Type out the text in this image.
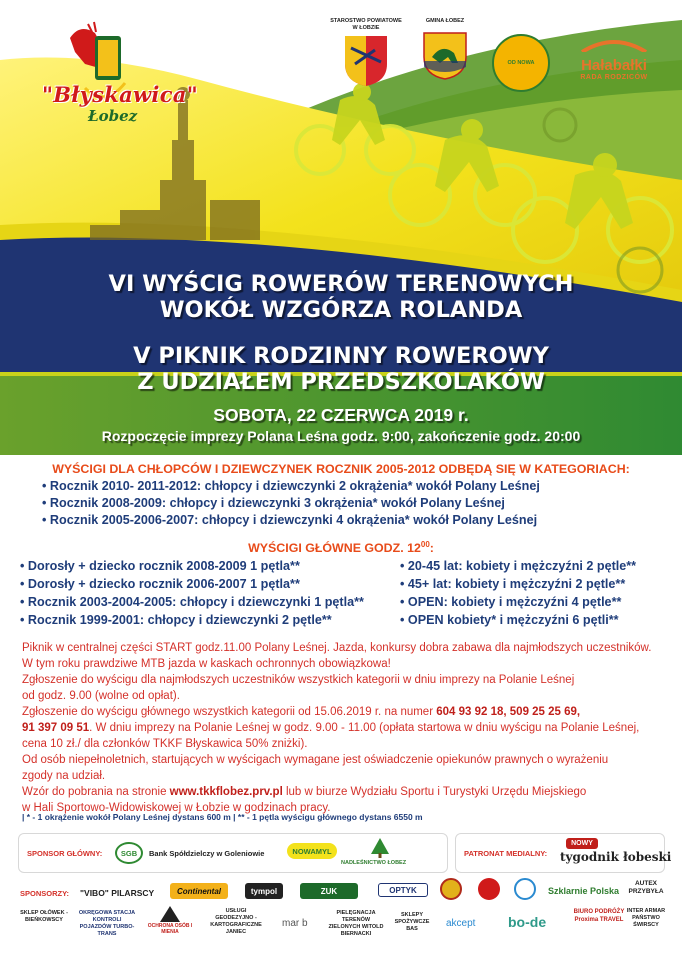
"Błyskawica"
Łobez
STAROSTWO POWIATOWE W ŁOBZIE
GMINA ŁOBEZ
OD NOWA	Hałabałki
RADA RODZICÓW
VI WYŚCIG ROWERÓW TERENOWYCH
WOKÓŁ WZGÓRZA ROLANDA
V PIKNIK RODZINNY ROWEROWY
Z UDZIAŁEM PRZEDSZKOLAKÓW
SOBOTA, 22 CZERWCA 2019 r.
Rozpoczęcie imprezy Polana Leśna godz. 9:00, zakończenie godz. 20:00
WYŚCIGI DLA CHŁOPCÓW I DZIEWCZYNEK ROCZNIK 2005-2012 ODBĘDĄ SIĘ W KATEGORIACH:
• Rocznik 2010- 2011-2012: chłopcy i dziewczynki 2 okrążenia* wokół Polany Leśnej
• Rocznik 2008-2009: chłopcy i dziewczynki 3 okrążenia* wokół Polany Leśnej
• Rocznik 2005-2006-2007: chłopcy i dziewczynki 4 okrążenia* wokół Polany Leśnej
WYŚCIGI GŁÓWNE GODZ. $12^{00}$:
• Dorosły + dziecko rocznik 2008-2009 1 pętla**
• Dorosły + dziecko rocznik 2006-2007 1 pętla**
• Rocznik 2003-2004-2005: chłopcy i dziewczynki 1 pętla**
• Rocznik 1999-2001: chłopcy i dziewczynki 2 pętle**
• 20-45 lat: kobiety i mężczyźni 2 pętle**
• 45+ lat: kobiety i mężczyźni 2 pętle**
• OPEN: kobiety i mężczyźni 4 pętle**
• OPEN kobiety* i mężczyźni 6 pętli**
Piknik w centralnej części START godz.11.00 Polany Leśnej. Jazda, konkursy dobra zabawa dla najmłodszych uczestników.
W tym roku prawdziwe MTB jazda w kaskach ochronnych obowiązkowa!
Zgłoszenie do wyścigu dla najmłodszych uczestników wszystkich kategorii w dniu imprezy na Polanie Leśnej
od godz. 9.00 (wolne od opłat).
Zgłoszenie do wyścigu głównego wszystkich kategorii od 15.06.2019 r. na numer 604 93 92 18, 509 25 25 69,
91 397 09 51. W dniu imprezy na Polanie Leśnej w godz. 9.00 - 11.00 (opłata startowa w dniu wyścigu na Polanie Leśnej,
cena 10 zł./ dla członków TKKF Błyskawica 50% zniżki).
Od osób niepełnoletnich, startujących w wyścigach wymagane jest oświadczenie opiekunów prawnych o wyrażeniu
zgody na udział.
Wzór do pobrania na stronie www.tkkflobez.prv.pl lub w biurze Wydziału Sportu i Turystyki Urzędu Miejskiego
w Hali Sportowo-Widowiskowej w Łobzie w godzinach pracy.
| * - 1 okrążenie wokół Polany Leśnej dystans 600 m | ** - 1 pętla wyścigu głównego dystans 6550 m
SPONSOR GŁÓWNY:	SGB	Bank Spółdzielczy w Goleniowie	NOWAMYL
NADLEŚNICTWO ŁOBEZ
PATRONAT MEDIALNY:
NOWY
tygodnik łobeski
SPONSORZY: "VIBO" PILARSCY	Continental	tympol	ZUK	OPTYK	Szklarnie Polska
AUTEX PRZYBYŁA
SKLEP OŁÓWEK - BIEŃKOWSCY
OKRĘGOWA STACJA KONTROLI POJAZDÓW TURBO-TRANS
OCHRONA OSÓB I MIENIA
USŁUGI GEODEZYJNO -KARTOGRAFICZNE JANIEC
mar b
PIELĘGNACJA TERENÓW ZIELONYCH WITOLD BIERNACKI
SKLEPY SPOŻYWCZE BAS	akcept bo-de
BIURO PODRÓŻY Proxima TRAVEL
INTER ARMAR PAŃSTWO ŚWIRSCY
